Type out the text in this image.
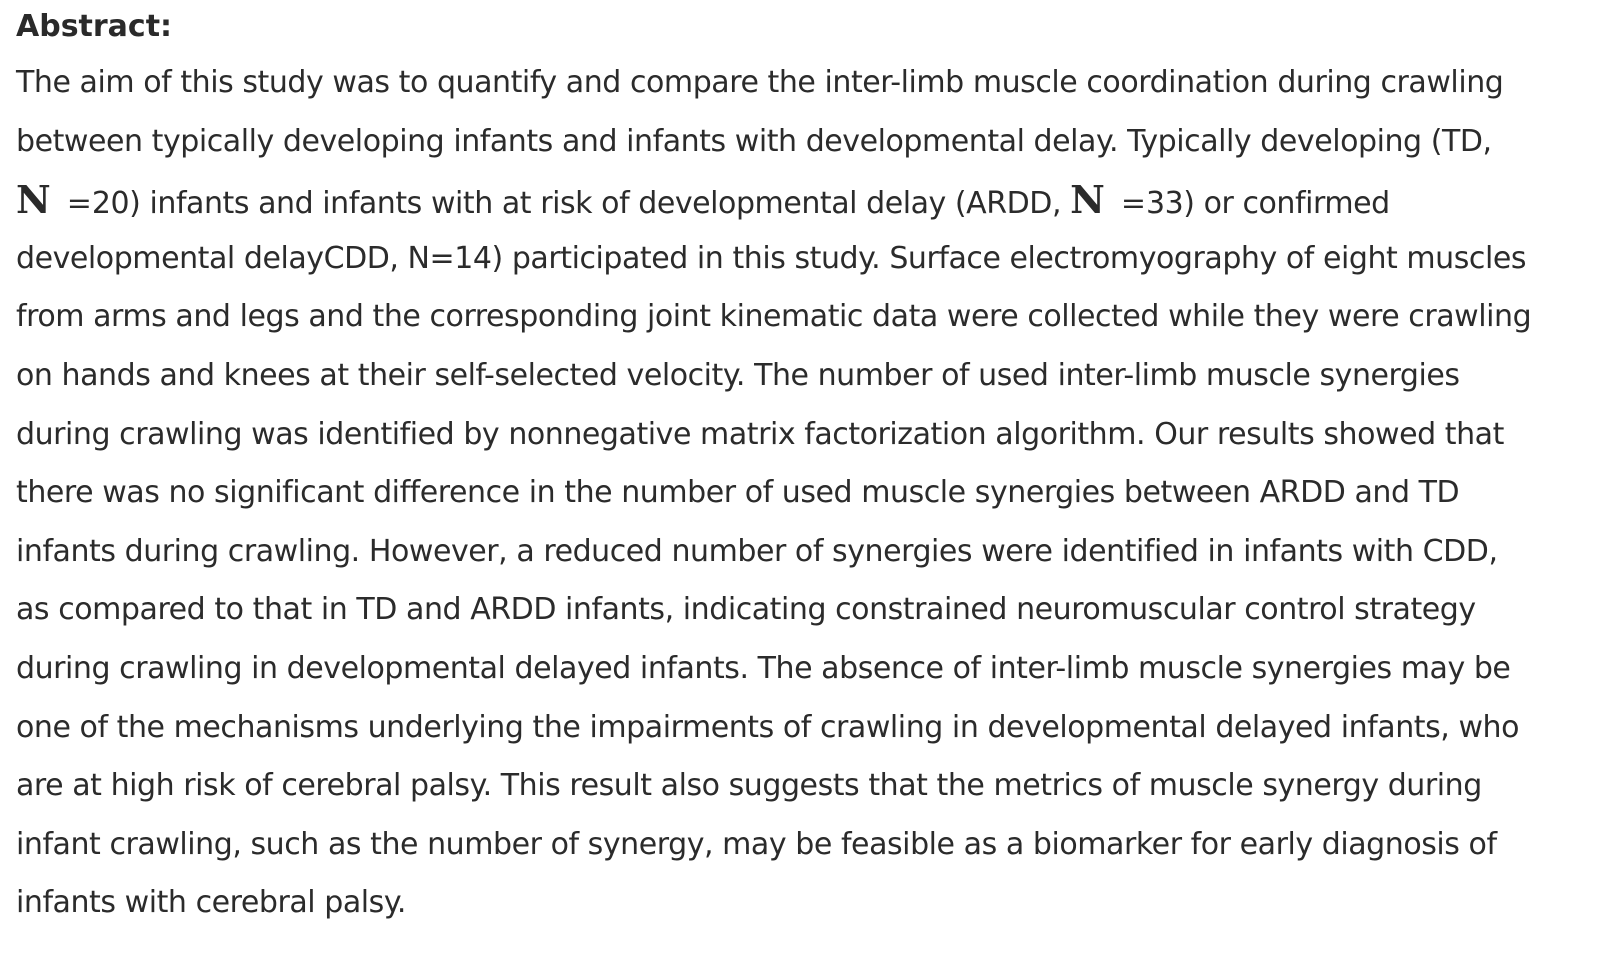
Abstract:

The aim of this study was to quantify and compare the inter-limb muscle coordination during crawling
between typically developing infants and infants with developmental delay. Typically developing (TD,
N =20) infants and infants with at risk of developmental delay (ARDD, N =33) or confirmed
developmental delayCDD, N=14) participated in this study. Surface electromyography of eight muscles
from arms and legs and the corresponding joint kinematic data were collected while they were crawling
on hands and knees at their self-selected velocity. The number of used inter-limb muscle synergies
during crawling was identified by nonnegative matrix factorization algorithm. Our results showed that
there was no significant difference in the number of used muscle synergies between ARDD and TD
infants during crawling. However, a reduced number of synergies were identified in infants with CDD,
as compared to that in TD and ARDD infants, indicating constrained neuromuscular control strategy
during crawling in developmental delayed infants. The absence of inter-limb muscle synergies may be
one of the mechanisms underlying the impairments of crawling in developmental delayed infants, who
are at high risk of cerebral palsy. This result also suggests that the metrics of muscle synergy during
infant crawling, such as the number of synergy, may be feasible as a biomarker for early diagnosis of
infants with cerebral palsy.
